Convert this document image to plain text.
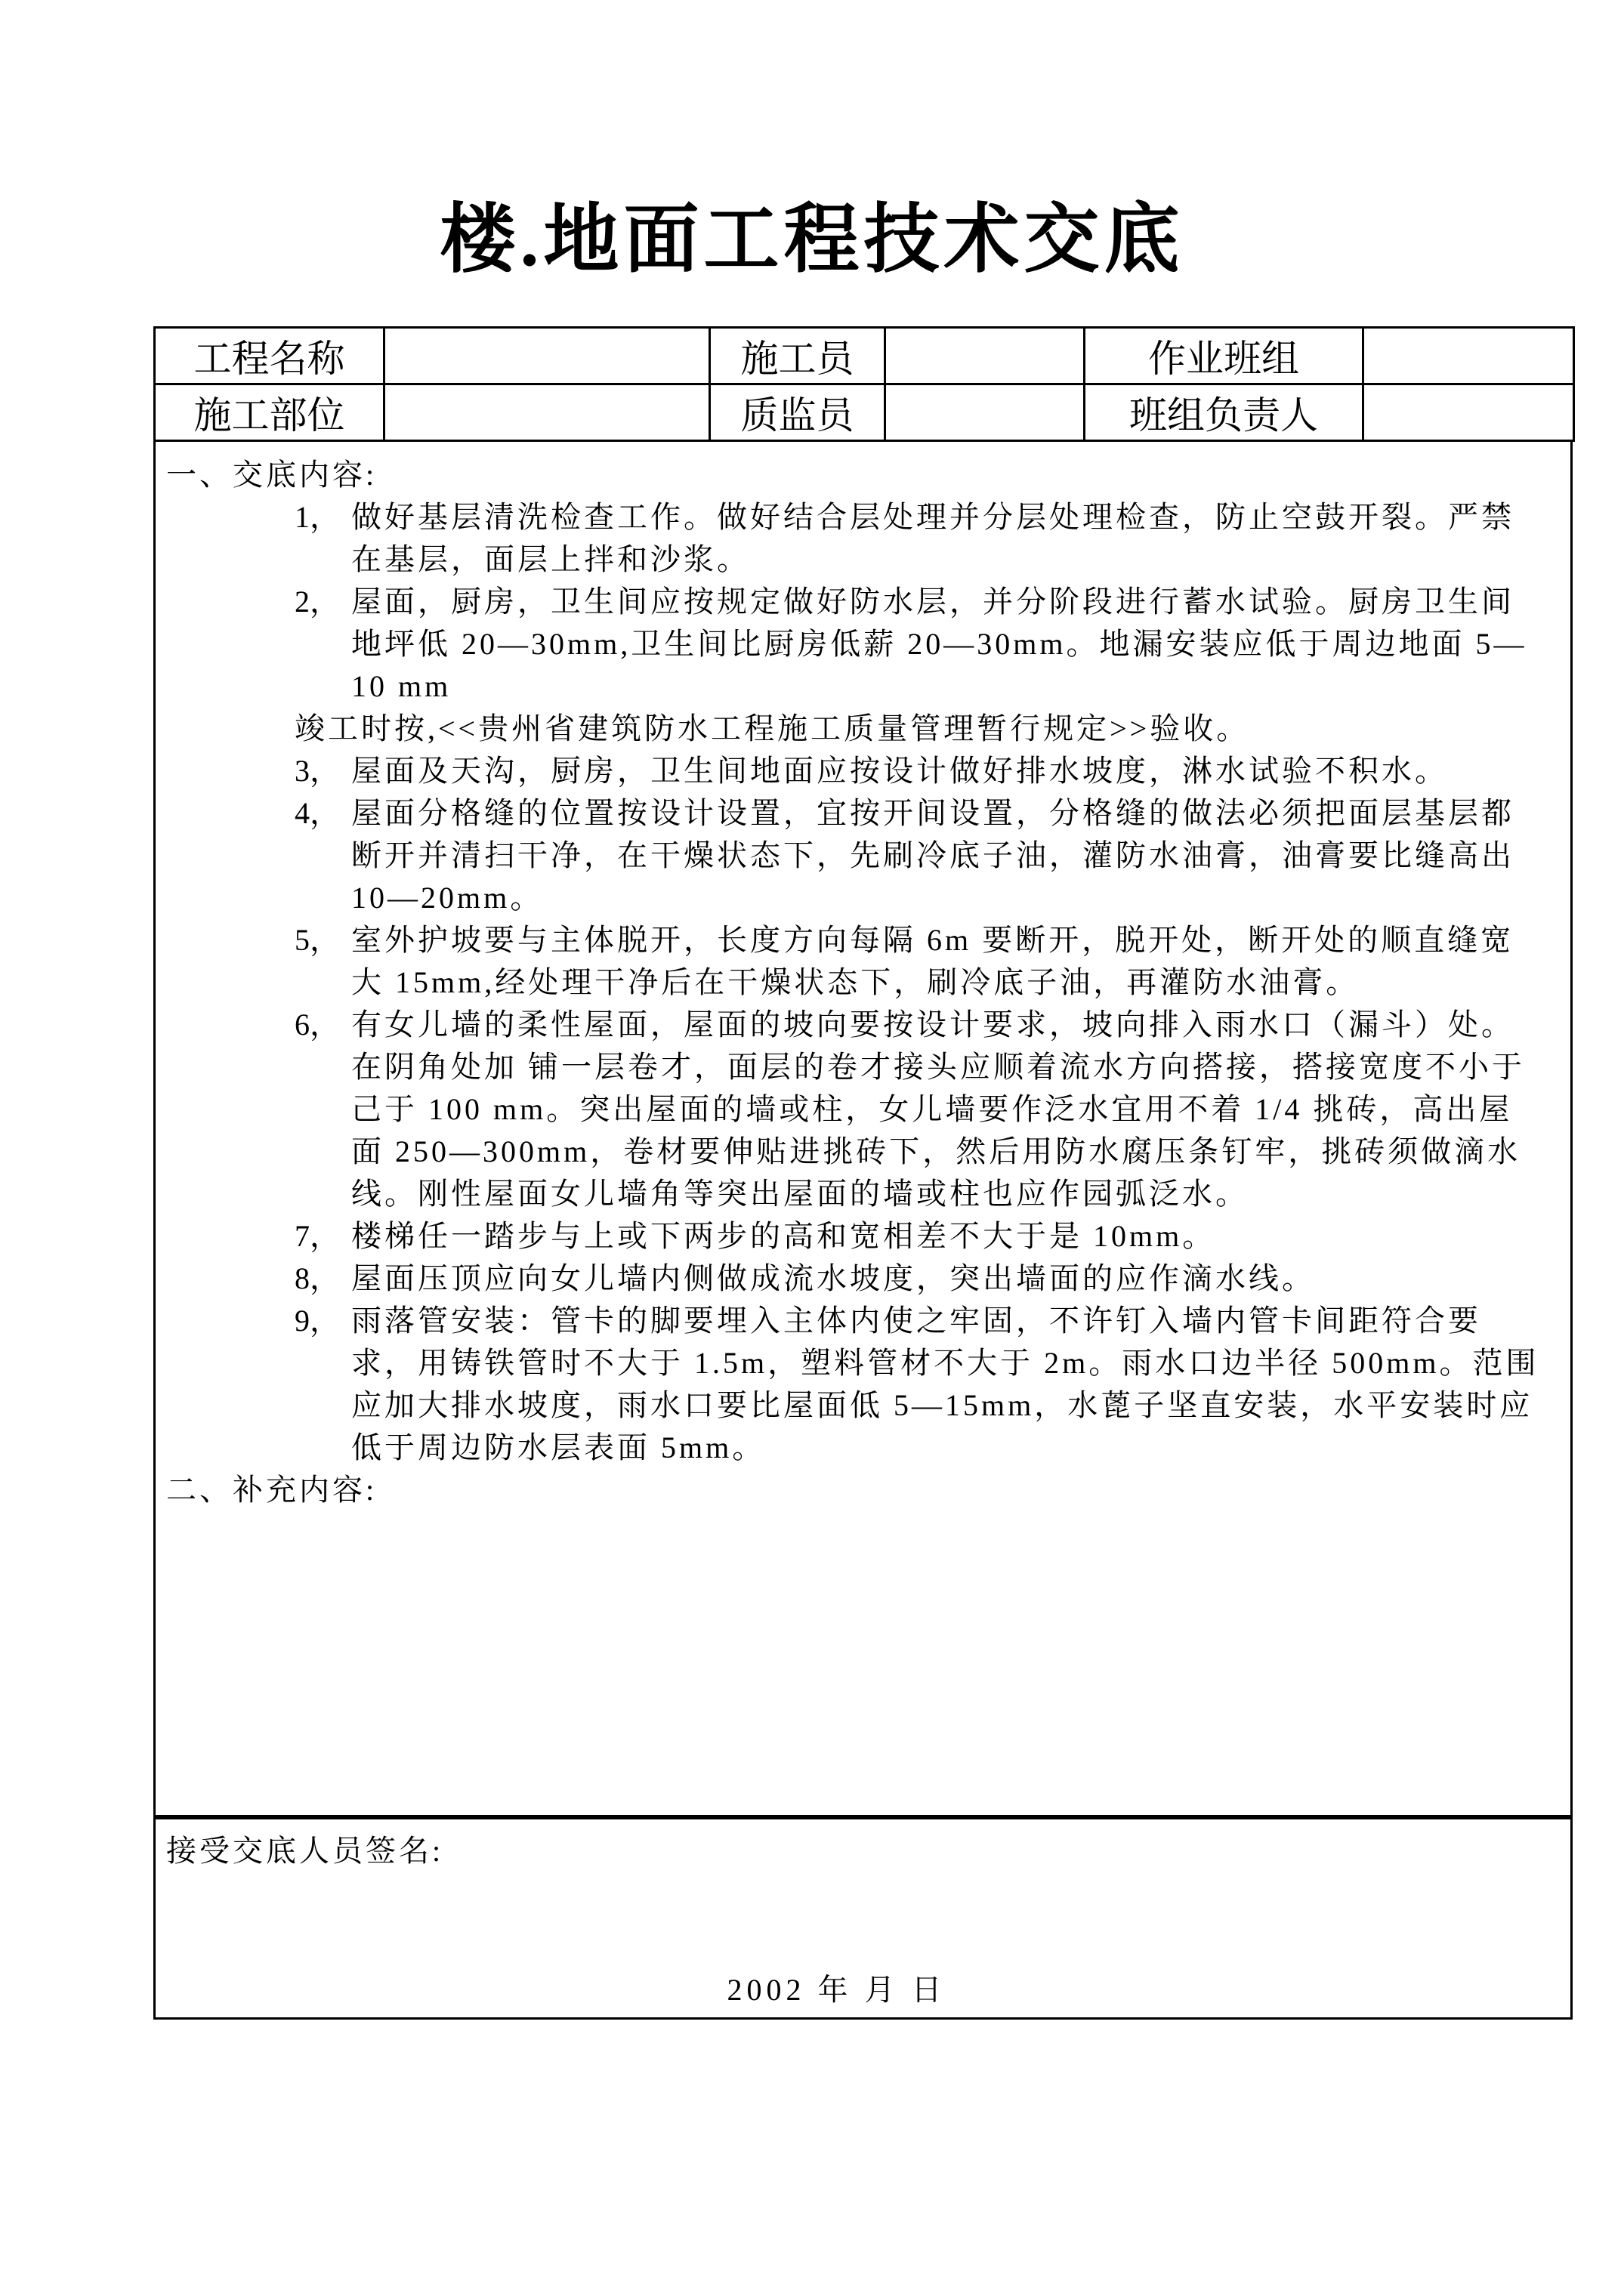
楼.地面工程技术交底
工程名称		施工员		作业班组	
施工部位		质监员		班组负责人	
一、交底内容:
1， 做好基层清洗检查工作。做好结合层处理并分层处理检查，防止空鼓开裂。严禁在基层，面层上拌和沙浆。
2， 屋面，厨房，卫生间应按规定做好防水层，并分阶段进行蓄水试验。厨房卫生间地坪低 20—30mm,卫生间比厨房低薪 20—30mm。地漏安装应低于周边地面 5—10 mm
竣工时按,<<贵州省建筑防水工程施工质量管理暂行规定>>验收。
3， 屋面及天沟，厨房，卫生间地面应按设计做好排水坡度，淋水试验不积水。
4， 屋面分格缝的位置按设计设置，宜按开间设置，分格缝的做法必须把面层基层都断开并清扫干净，在干燥状态下，先刷冷底子油，灌防水油膏，油膏要比缝高出 10—20mm。
5， 室外护坡要与主体脱开，长度方向每隔 6m 要断开，脱开处，断开处的顺直缝宽大 15mm,经处理干净后在干燥状态下，刷冷底子油，再灌防水油膏。
6， 有女儿墙的柔性屋面，屋面的坡向要按设计要求，坡向排入雨水口（漏斗）处。在阴角处加 铺一层卷才，面层的卷才接头应顺着流水方向搭接，搭接宽度不小于己于 100 mm。突出屋面的墙或柱，女儿墙要作泛水宜用不着 1/4 挑砖，高出屋面 250—300mm，卷材要伸贴进挑砖下，然后用防水腐压条钉牢，挑砖须做滴水线。刚性屋面女儿墙角等突出屋面的墙或柱也应作园弧泛水。
7， 楼梯任一踏步与上或下两步的高和宽相差不大于是 10mm。
8， 屋面压顶应向女儿墙内侧做成流水坡度，突出墙面的应作滴水线。
9， 雨落管安装：管卡的脚要埋入主体内使之牢固，不许钉入墙内管卡间距符合要求，用铸铁管时不大于 1.5m，塑料管材不大于 2m。雨水口边半径 500mm。范围应加大排水坡度，雨水口要比屋面低 5—15mm，水蓖子坚直安装，水平安装时应低于周边防水层表面 5mm。
二、补充内容:
接受交底人员签名:
2002 年 月 日
